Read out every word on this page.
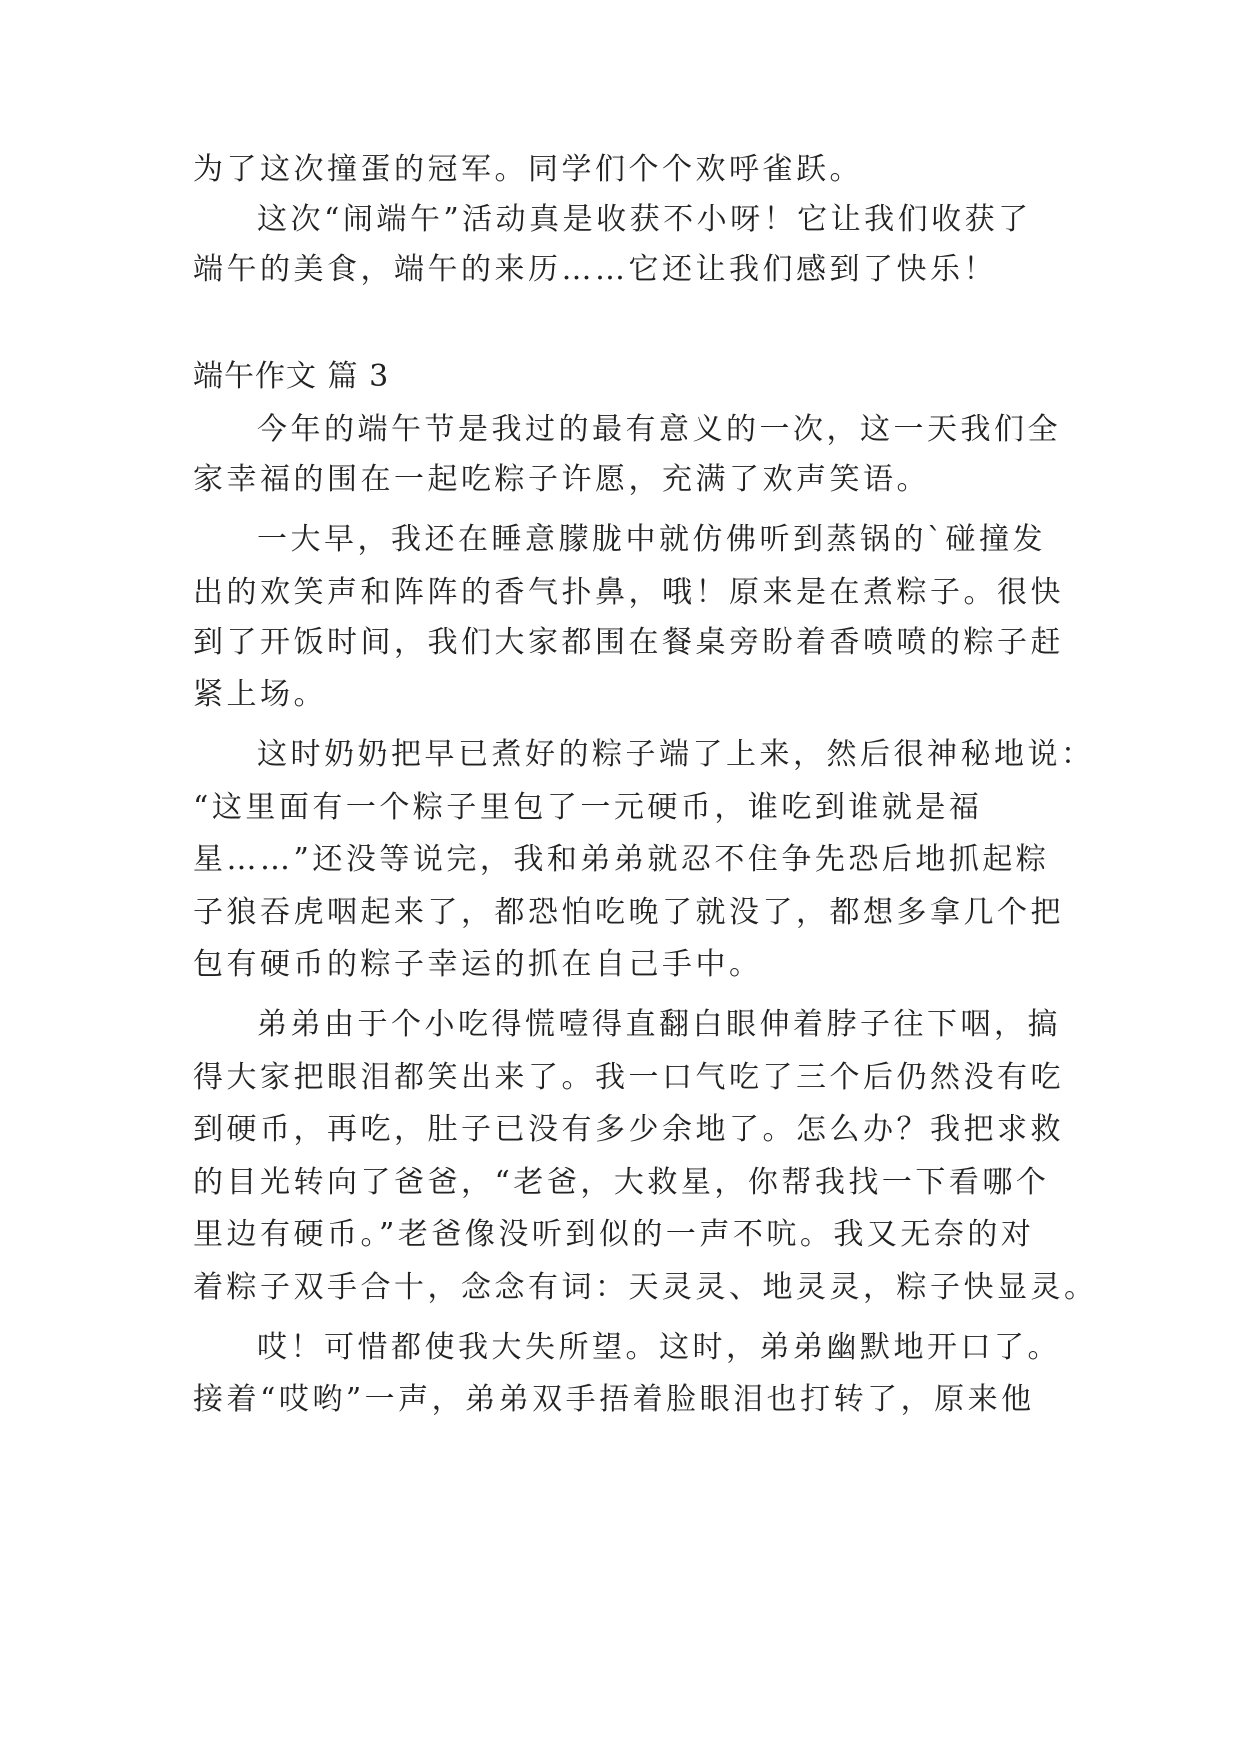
为了这次撞蛋的冠军。同学们个个欢呼雀跃。
这次“闹端午”活动真是收获不小呀！它让我们收获了
端午的美食，端午的来历……它还让我们感到了快乐！
端午作文 篇 3
今年的端午节是我过的最有意义的一次，这一天我们全
家幸福的围在一起吃粽子许愿，充满了欢声笑语。
一大早，我还在睡意朦胧中就仿佛听到蒸锅的`碰撞发
出的欢笑声和阵阵的香气扑鼻，哦！原来是在煮粽子。很快
到了开饭时间，我们大家都围在餐桌旁盼着香喷喷的粽子赶
紧上场。
这时奶奶把早已煮好的粽子端了上来，然后很神秘地说：
“这里面有一个粽子里包了一元硬币，谁吃到谁就是福
星……”还没等说完，我和弟弟就忍不住争先恐后地抓起粽
子狼吞虎咽起来了，都恐怕吃晚了就没了，都想多拿几个把
包有硬币的粽子幸运的抓在自己手中。
弟弟由于个小吃得慌噎得直翻白眼伸着脖子往下咽，搞
得大家把眼泪都笑出来了。我一口气吃了三个后仍然没有吃
到硬币，再吃，肚子已没有多少余地了。怎么办？我把求救
的目光转向了爸爸，“老爸，大救星，你帮我找一下看哪个
里边有硬币。”老爸像没听到似的一声不吭。我又无奈的对
着粽子双手合十，念念有词：天灵灵、地灵灵，粽子快显灵。
哎！可惜都使我大失所望。这时，弟弟幽默地开口了。
接着“哎哟”一声，弟弟双手捂着脸眼泪也打转了，原来他
